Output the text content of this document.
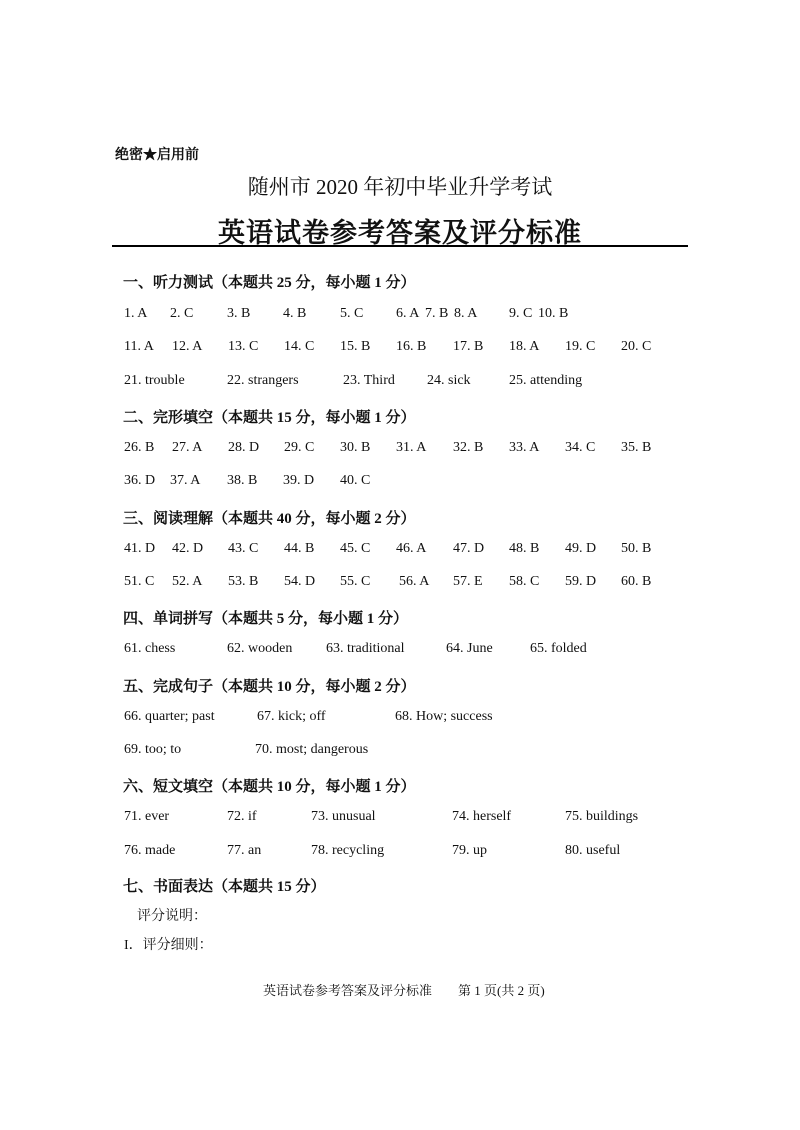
绝密★启用前
随州市 2020 年初中毕业升学考试
英语试卷参考答案及评分标准
一、听力测试（本题共 25 分，每小题 1 分）
1. A 2. C 3. B 4. B 5. C 6. A 7. B 8. A 9. C 10. B
11. A 12. A 13. C 14. C 15. B 16. B 17. B 18. A 19. C 20. C
21. trouble	22. strangers	23. Third 24. sick	25. attending
二、完形填空（本题共 15 分，每小题 1 分）
26. B 27. A 28. D 29. C 30. B 31. A 32. B 33. A 34. C 35. B
36. D 37. A 38. B 39. D 40. C
三、阅读理解（本题共 40 分，每小题 2 分）
41. D 42. D 43. C 44. B 45. C 46. A 47. D 48. B 49. D 50. B
51. C 52. A 53. B 54. D 55. C 56. A 57. E 58. C 59. D 60. B
四、单词拼写（本题共 5 分，每小题 1 分）
61. chess	62. wooden 63. traditional	64. June	65. folded
五、完成句子（本题共 10 分，每小题 2 分）
66. quarter; past	67. kick; off	68. How; success
69. too; to	70. most; dangerous
六、短文填空（本题共 10 分，每小题 1 分）
71. ever	72. if	73. unusual	74. herself	75. buildings
76. made	77. an	78. recycling	79. up	80. useful
七、书面表达（本题共 15 分）
评分说明：
I．评分细则：
英语试卷参考答案及评分标准 第 1 页(共 2 页)
